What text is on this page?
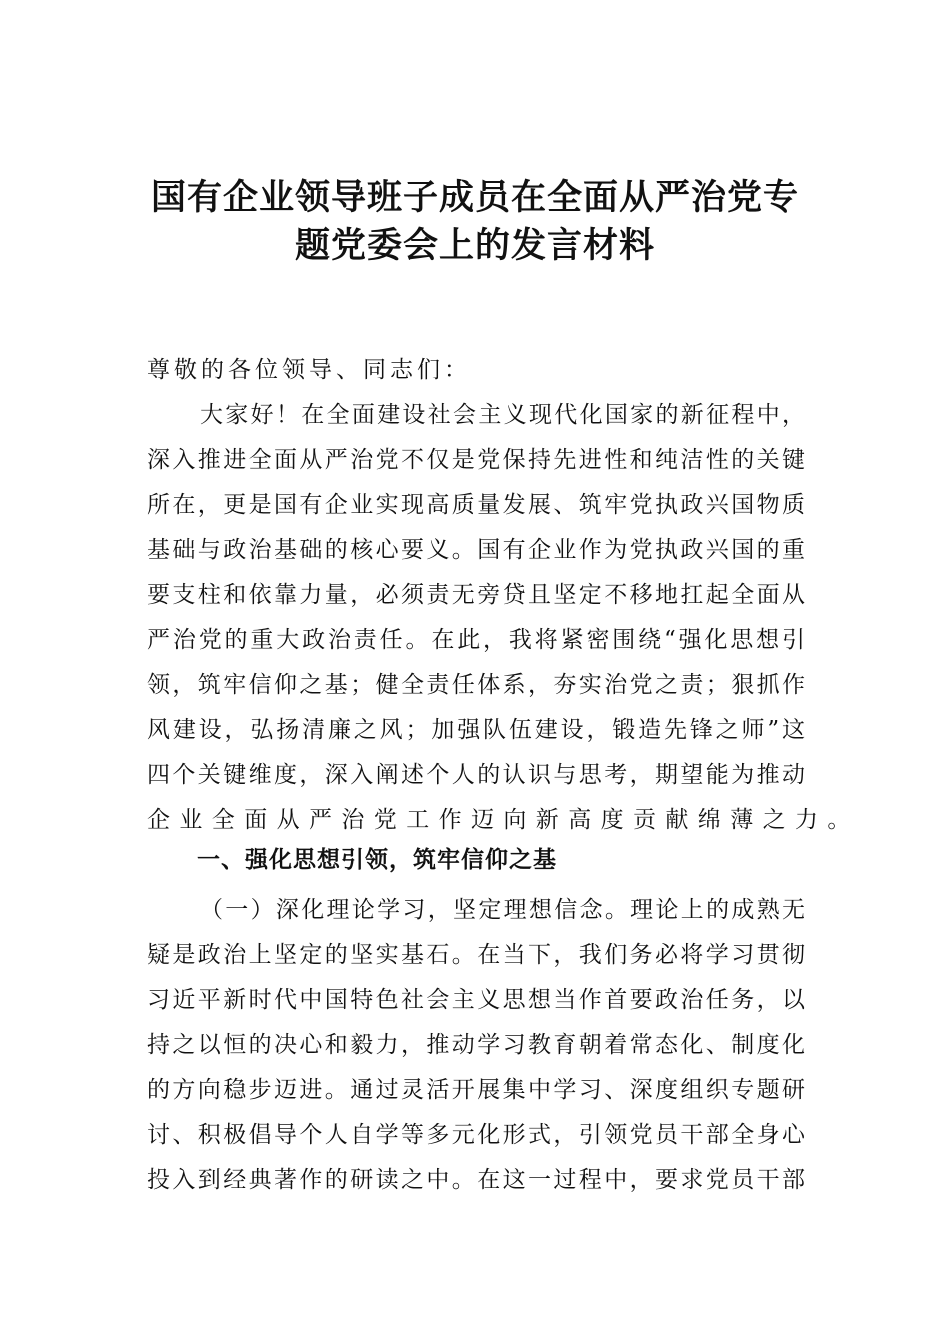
国有企业领导班子成员在全面从严治党专
题党委会上的发言材料
尊敬的各位领导、同志们：
大家好！在全面建设社会主义现代化国家的新征程中，
深入推进全面从严治党不仅是党保持先进性和纯洁性的关键
所在，更是国有企业实现高质量发展、筑牢党执政兴国物质
基础与政治基础的核心要义。国有企业作为党执政兴国的重
要支柱和依靠力量，必须责无旁贷且坚定不移地扛起全面从
严治党的重大政治责任。在此，我将紧密围绕“强化思想引
领，筑牢信仰之基；健全责任体系，夯实治党之责；狠抓作
风建设，弘扬清廉之风；加强队伍建设，锻造先锋之师”这
四个关键维度，深入阐述个人的认识与思考，期望能为推动
企业全面从严治党工作迈向新高度贡献绵薄之力。
一、强化思想引领，筑牢信仰之基
（一）深化理论学习，坚定理想信念。理论上的成熟无
疑是政治上坚定的坚实基石。在当下，我们务必将学习贯彻
习近平新时代中国特色社会主义思想当作首要政治任务，以
持之以恒的决心和毅力，推动学习教育朝着常态化、制度化
的方向稳步迈进。通过灵活开展集中学习、深度组织专题研
讨、积极倡导个人自学等多元化形式，引领党员干部全身心
投入到经典著作的研读之中。在这一过程中，要求党员干部
